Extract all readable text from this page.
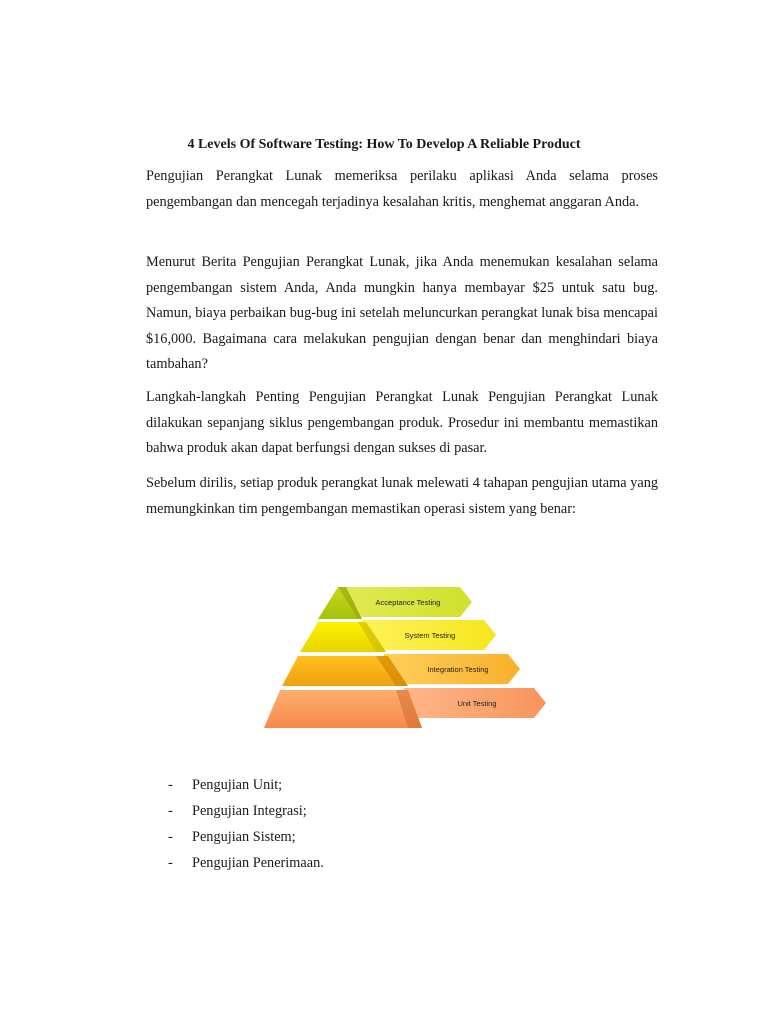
4 Levels Of Software Testing: How To Develop A Reliable Product

Pengujian Perangkat Lunak memeriksa perilaku aplikasi Anda selama proses pengembangan dan mencegah terjadinya kesalahan kritis, menghemat anggaran Anda.

Menurut Berita Pengujian Perangkat Lunak, jika Anda menemukan kesalahan selama pengembangan sistem Anda, Anda mungkin hanya membayar $25 untuk satu bug. Namun, biaya perbaikan bug-bug ini setelah meluncurkan perangkat lunak bisa mencapai $16,000. Bagaimana cara melakukan pengujian dengan benar dan menghindari biaya tambahan?

Langkah-langkah Penting Pengujian Perangkat Lunak Pengujian Perangkat Lunak dilakukan sepanjang siklus pengembangan produk. Prosedur ini membantu memastikan bahwa produk akan dapat berfungsi dengan sukses di pasar.

Sebelum dirilis, setiap produk perangkat lunak melewati 4 tahapan pengujian utama yang memungkinkan tim pengembangan memastikan operasi sistem yang benar:

Acceptance Testing
System Testing
Integration Testing
Unit Testing
-	Pengujian Unit;
-	Pengujian Integrasi;
-	Pengujian Sistem;
-	Pengujian Penerimaan.
